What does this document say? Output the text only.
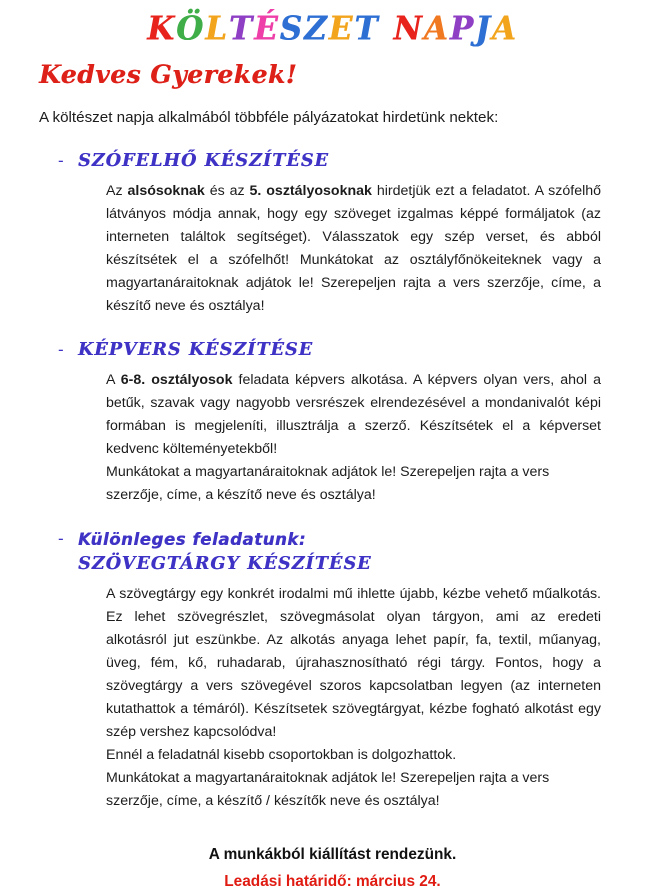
KÖLTÉSZET NAPJA
Kedves Gyerekek!

A költészet napja alkalmából többféle pályázatokat hirdetünk nektek:

- SZÓFELHŐ KÉSZÍTÉSE

Az alsósoknak és az 5. osztályosoknak hirdetjük ezt a feladatot. A szófelhő látványos módja annak, hogy egy szöveget izgalmas képpé formáljatok (az interneten találtok segítséget). Válasszatok egy szép verset, és abból készítsétek el a szófelhőt! Munkátokat az osztályfőnökeiteknek vagy a magyartanáraitoknak adjátok le! Szerepeljen rajta a vers szerzője, címe, a készítő neve és osztálya!

- KÉPVERS KÉSZÍTÉSE

A 6-8. osztályosok feladata képvers alkotása. A képvers olyan vers, ahol a betűk, szavak vagy nagyobb versrészek elrendezésével a mondanivalót képi formában is megjeleníti, illusztrálja a szerző. Készítsétek el a képverset kedvenc költeményetekből!

Munkátokat a magyartanáraitoknak adjátok le! Szerepeljen rajta a vers szerzője, címe, a készítő neve és osztálya!

- Különleges feladatunk:
SZÖVEGTÁRGY KÉSZÍTÉSE

A szövegtárgy egy konkrét irodalmi mű ihlette újabb, kézbe vehető műalkotás. Ez lehet szövegrészlet, szövegmásolat olyan tárgyon, ami az eredeti alkotásról jut eszünkbe. Az alkotás anyaga lehet papír, fa, textil, műanyag, üveg, fém, kő, ruhadarab, újrahasznosítható régi tárgy. Fontos, hogy a szövegtárgy a vers szövegével szoros kapcsolatban legyen (az interneten kutathattok a témáról). Készítsetek szövegtárgyat, kézbe fogható alkotást egy szép vershez kapcsolódva!

Ennél a feladatnál kisebb csoportokban is dolgozhattok.

Munkátokat a magyartanáraitoknak adjátok le! Szerepeljen rajta a vers szerzője, címe, a készítő / készítők neve és osztálya!

A munkákból kiállítást rendezünk.
Leadási határidő: március 24.
